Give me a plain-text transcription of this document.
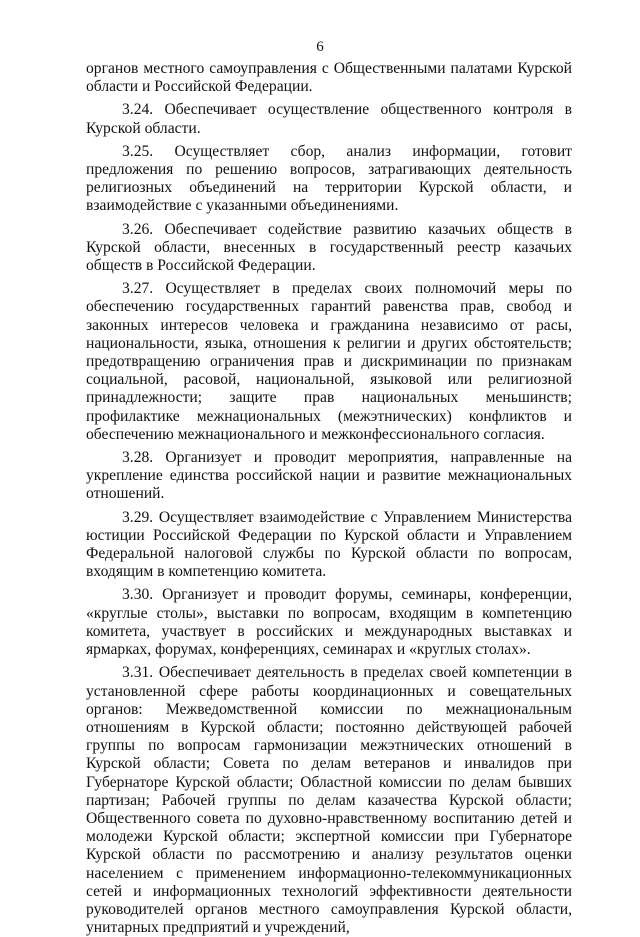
6

органов местного самоуправления с Общественными палатами Курской области и Российской Федерации.

3.24. Обеспечивает осуществление общественного контроля в Курской области.

3.25. Осуществляет сбор, анализ информации, готовит предложения по решению вопросов, затрагивающих деятельность религиозных объединений на территории Курской области, и взаимодействие с указанными объединениями.

3.26. Обеспечивает содействие развитию казачьих обществ в Курской области, внесенных в государственный реестр казачьих обществ в Российской Федерации.

3.27. Осуществляет в пределах своих полномочий меры по обеспечению государственных гарантий равенства прав, свобод и законных интересов человека и гражданина независимо от расы, национальности, языка, отношения к религии и других обстоятельств; предотвращению ограничения прав и дискриминации по признакам социальной, расовой, национальной, языковой или религиозной принадлежности; защите прав национальных меньшинств; профилактике межнациональных (межэтнических) конфликтов и обеспечению межнационального и межконфессионального согласия.

3.28. Организует и проводит мероприятия, направленные на укрепление единства российской нации и развитие межнациональных отношений.

3.29. Осуществляет взаимодействие с Управлением Министерства юстиции Российской Федерации по Курской области и Управлением Федеральной налоговой службы по Курской области по вопросам, входящим в компетенцию комитета.

3.30. Организует и проводит форумы, семинары, конференции, «круглые столы», выставки по вопросам, входящим в компетенцию комитета, участвует в российских и международных выставках и ярмарках, форумах, конференциях, семинарах и «круглых столах».

3.31. Обеспечивает деятельность в пределах своей компетенции в установленной сфере работы координационных и совещательных органов: Межведомственной комиссии по межнациональным отношениям в Курской области; постоянно действующей рабочей группы по вопросам гармонизации межэтнических отношений в Курской области; Совета по делам ветеранов и инвалидов при Губернаторе Курской области; Областной комиссии по делам бывших партизан; Рабочей группы по делам казачества Курской области; Общественного совета по духовно-нравственному воспитанию детей и молодежи Курской области; экспертной комиссии при Губернаторе Курской области по рассмотрению и анализу результатов оценки населением с применением информационно-телекоммуникационных сетей и информационных технологий эффективности деятельности руководителей органов местного самоуправления Курской области, унитарных предприятий и учреждений,
